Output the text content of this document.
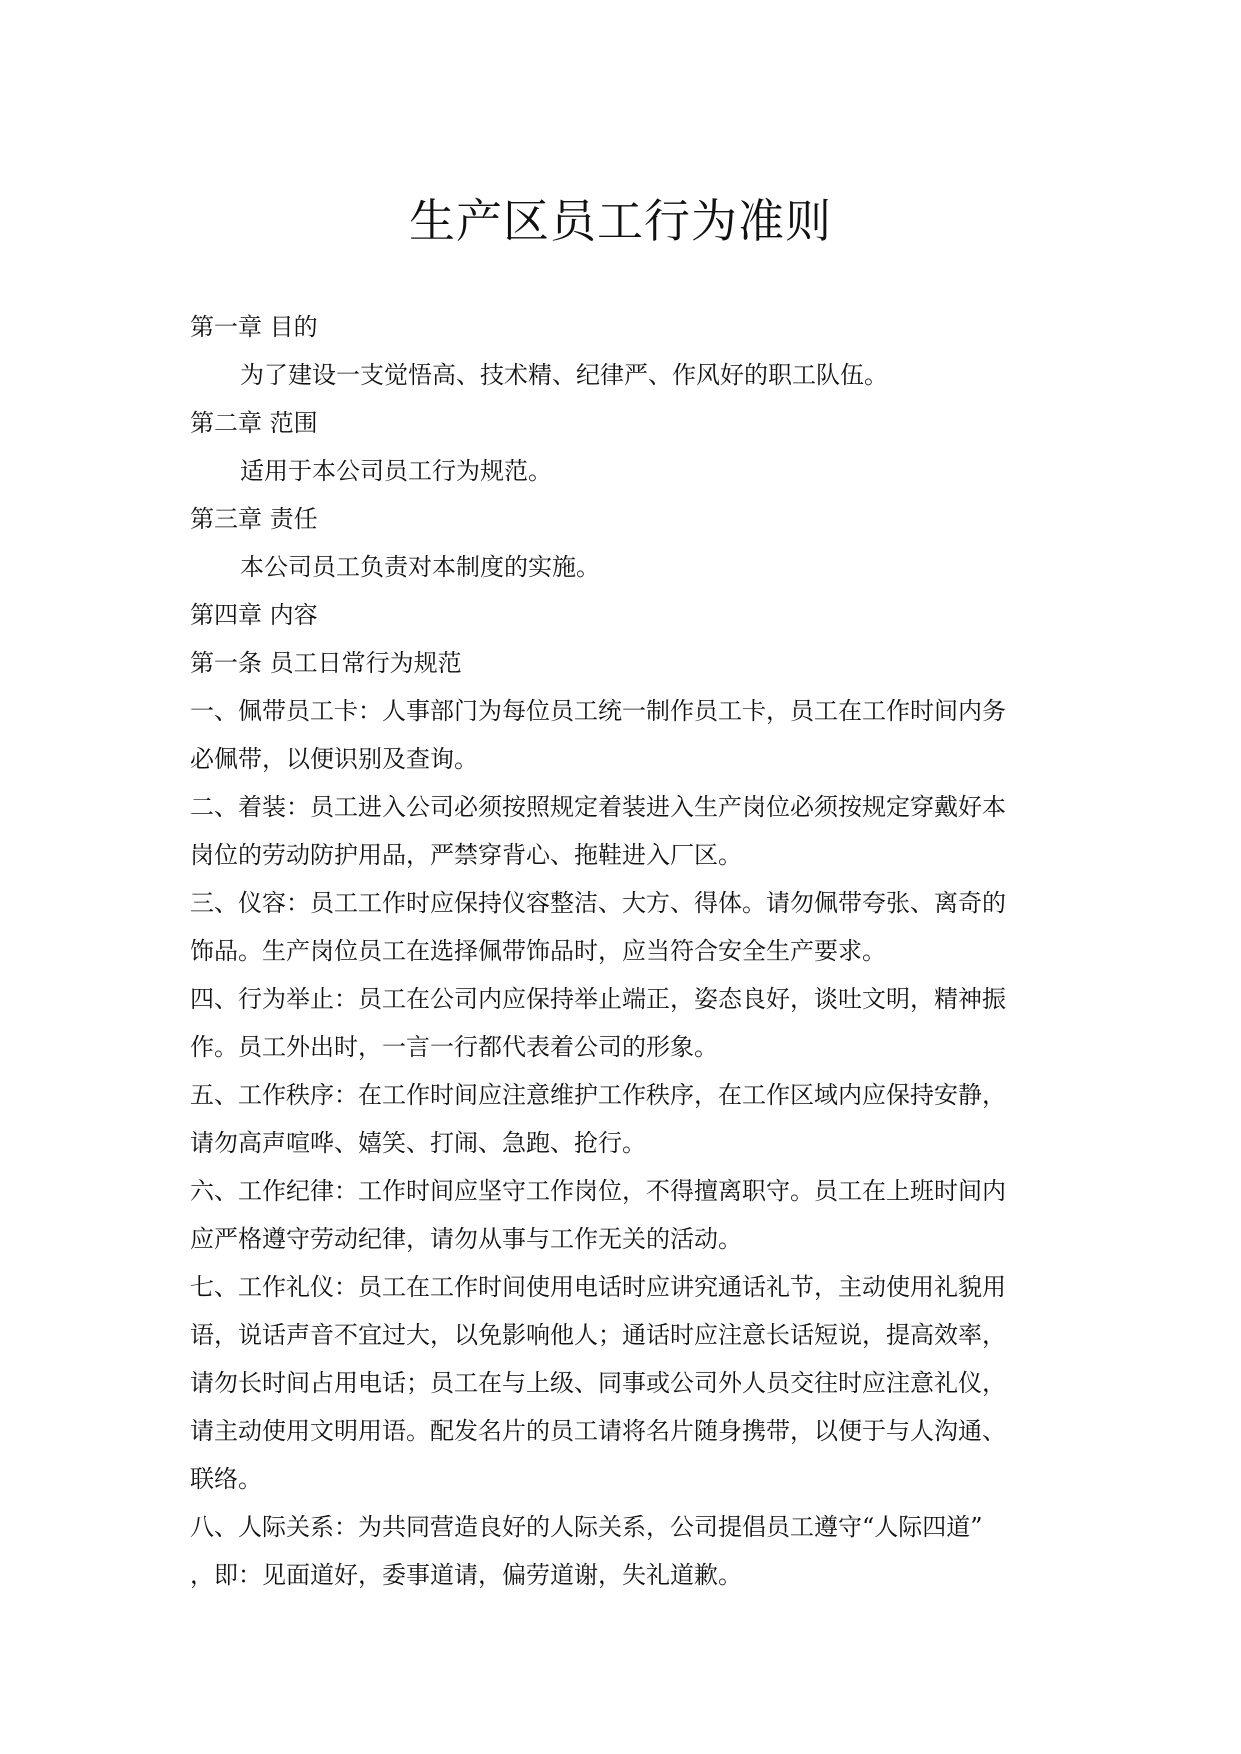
生产区员工行为准则
第一章 目的
为了建设一支觉悟高、技术精、纪律严、作风好的职工队伍。
第二章 范围
适用于本公司员工行为规范。
第三章 责任
本公司员工负责对本制度的实施。
第四章 内容
第一条 员工日常行为规范
一、佩带员工卡：人事部门为每位员工统一制作员工卡，员工在工作时间内务
必佩带，以便识别及查询。
二、着装：员工进入公司必须按照规定着装进入生产岗位必须按规定穿戴好本
岗位的劳动防护用品，严禁穿背心、拖鞋进入厂区。
三、仪容：员工工作时应保持仪容整洁、大方、得体。请勿佩带夸张、离奇的
饰品。生产岗位员工在选择佩带饰品时，应当符合安全生产要求。
四、行为举止：员工在公司内应保持举止端正，姿态良好，谈吐文明，精神振
作。员工外出时，一言一行都代表着公司的形象。
五、工作秩序：在工作时间应注意维护工作秩序，在工作区域内应保持安静，
请勿高声喧哗、嬉笑、打闹、急跑、抢行。
六、工作纪律：工作时间应坚守工作岗位，不得擅离职守。员工在上班时间内
应严格遵守劳动纪律，请勿从事与工作无关的活动。
七、工作礼仪：员工在工作时间使用电话时应讲究通话礼节，主动使用礼貌用
语，说话声音不宜过大，以免影响他人；通话时应注意长话短说，提高效率，
请勿长时间占用电话；员工在与上级、同事或公司外人员交往时应注意礼仪，
请主动使用文明用语。配发名片的员工请将名片随身携带，以便于与人沟通、
联络。
八、人际关系：为共同营造良好的人际关系，公司提倡员工遵守“人际四道”
，即：见面道好，委事道请，偏劳道谢，失礼道歉。
